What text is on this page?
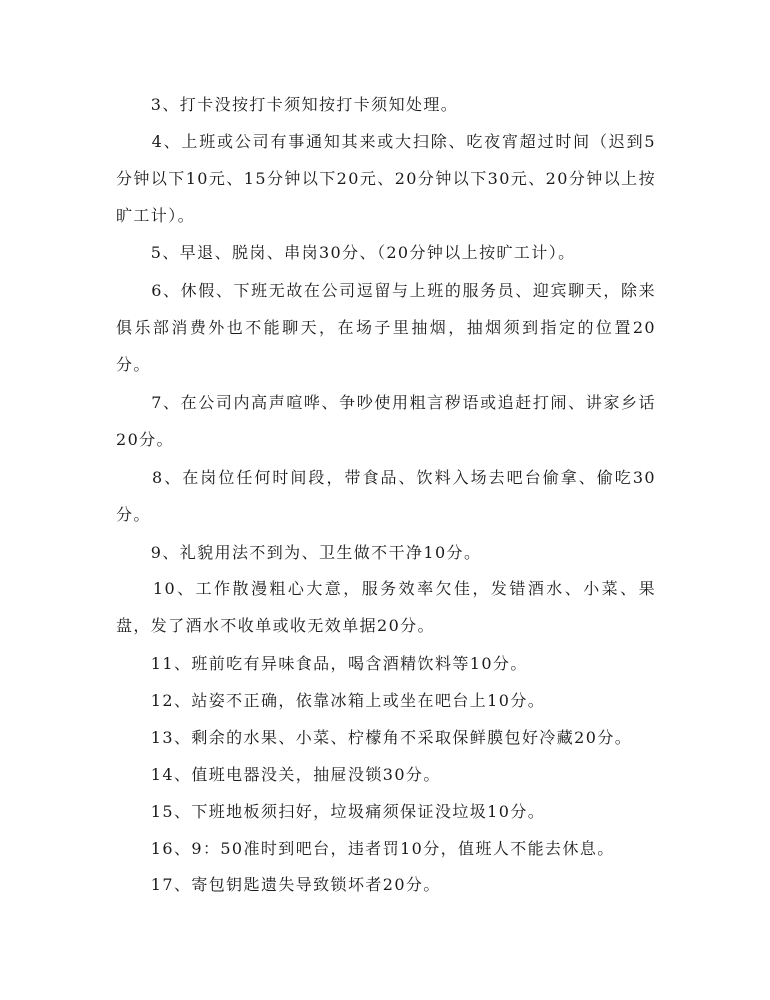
　　3、打卡没按打卡须知按打卡须知处理。

　　4、上班或公司有事通知其来或大扫除、吃夜宵超过时间（迟到5分钟以下10元、15分钟以下20元、20分钟以下30元、20分钟以上按旷工计）。

　　5、早退、脱岗、串岗30分、（20分钟以上按旷工计）。

　　6、休假、下班无故在公司逗留与上班的服务员、迎宾聊天，除来俱乐部消费外也不能聊天，在场子里抽烟，抽烟须到指定的位置20分。

　　7、在公司内高声喧哗、争吵使用粗言秽语或追赶打闹、讲家乡话20分。

　　8、在岗位任何时间段，带食品、饮料入场去吧台偷拿、偷吃30分。

　　9、礼貌用法不到为、卫生做不干净10分。

　　10、工作散漫粗心大意，服务效率欠佳，发错酒水、小菜、果盘，发了酒水不收单或收无效单据20分。

　　11、班前吃有异味食品，喝含酒精饮料等10分。

　　12、站姿不正确，依靠冰箱上或坐在吧台上10分。

　　13、剩余的水果、小菜、柠檬角不采取保鲜膜包好冷藏20分。

　　14、值班电器没关，抽屉没锁30分。

　　15、下班地板须扫好，垃圾痛须保证没垃圾10分。

　　16、9：50准时到吧台，违者罚10分，值班人不能去休息。

　　17、寄包钥匙遗失导致锁坏者20分。
